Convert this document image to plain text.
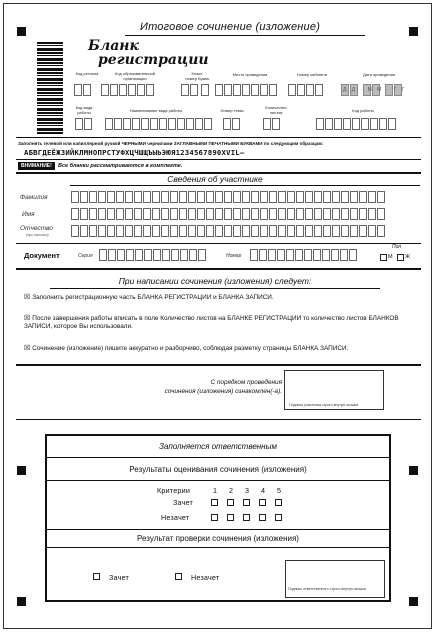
Итоговое сочинение (изложение)
Бланк
регистрации
Код региона	Код образовательной организации
Класс
номер Буква
Место проведения	Номер кабинета	Дата проведения
Д Д · М М · Г Г
Код вида работы	Наименование вида работы	Номер темы
Количество листов	Код работы
Заполнять гелевой или капиллярной ручкой ЧЕРНЫМИ чернилами ЗАГЛАВНЫМИ ПЕЧАТНЫМИ БУКВАМИ по следующим образцам:
АБВГДЕЁЖЗИЙКЛМНОПРСТУФХЦЧШЩЪЫЬЭЮЯ1234567890XVIL–
ВНИМАНИЕ!	Все бланки рассматриваются в комплекте.
Сведения об участнике
Фамилия
Имя
Отчество
(при наличии)
Документ	Серия	Номер
Пол
М Ж
При написании сочинения (изложения) следует:
☒ Заполнить регистрационную часть БЛАНКА РЕГИСТРАЦИИ и БЛАНКА ЗАПИСИ.
☒ После завершения работы вписать в поле Количество листов на БЛАНКЕ РЕГИСТРАЦИИ то количество листов БЛАНКОВ ЗАПИСИ, которое Вы использовали.
☒ Сочинение (изложение) пишите аккуратно и разборчиво, соблюдая разметку страницы БЛАНКА ЗАПИСИ.
С порядком проведения
сочинения (изложения) ознакомлен(-а).
Подпись участника строго внутри окошка
Заполняется ответственным
Результаты оценивания сочинения (изложения)
Критерии	1 2 3 4 5
Зачет
Незачет
Результат проверки сочинения (изложения)
Зачет	Незачет
Подпись ответственного строго внутри окошка
